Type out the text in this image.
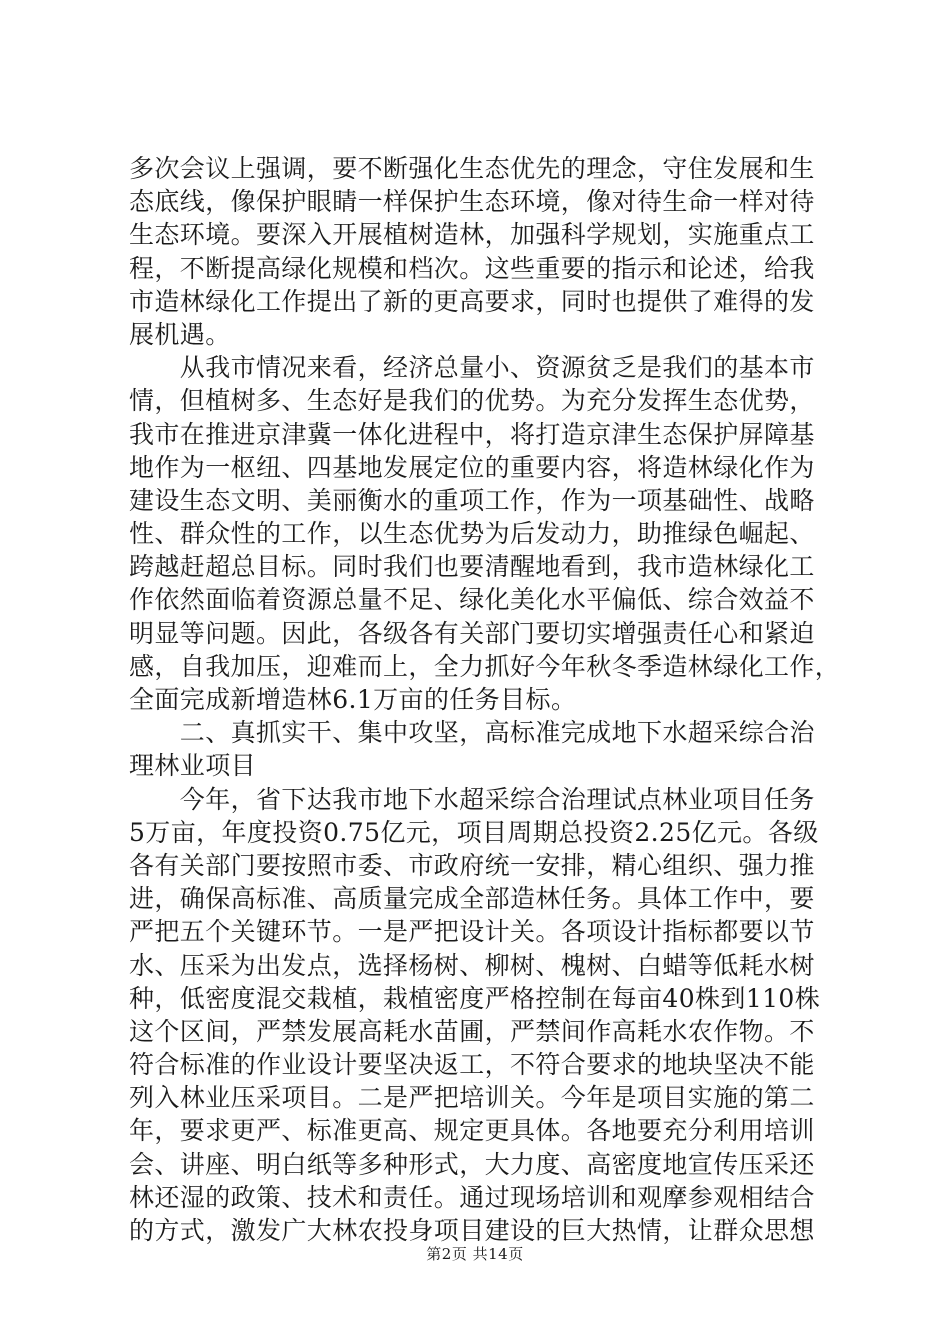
多次会议上强调，要不断强化生态优先的理念，守住发展和生
态底线，像保护眼睛一样保护生态环境，像对待生命一样对待
生态环境。要深入开展植树造林，加强科学规划，实施重点工
程，不断提高绿化规模和档次。这些重要的指示和论述，给我
市造林绿化工作提出了新的更高要求，同时也提供了难得的发
展机遇。
　　从我市情况来看，经济总量小、资源贫乏是我们的基本市
情，但植树多、生态好是我们的优势。为充分发挥生态优势，
我市在推进京津冀一体化进程中，将打造京津生态保护屏障基
地作为一枢纽、四基地发展定位的重要内容，将造林绿化作为
建设生态文明、美丽衡水的重项工作，作为一项基础性、战略
性、群众性的工作，以生态优势为后发动力，助推绿色崛起、
跨越赶超总目标。同时我们也要清醒地看到，我市造林绿化工
作依然面临着资源总量不足、绿化美化水平偏低、综合效益不
明显等问题。因此，各级各有关部门要切实增强责任心和紧迫
感，自我加压，迎难而上，全力抓好今年秋冬季造林绿化工作，
全面完成新增造林6.1万亩的任务目标。
　　二、真抓实干、集中攻坚，高标准完成地下水超采综合治
理林业项目
　　今年，省下达我市地下水超采综合治理试点林业项目任务
5万亩，年度投资0.75亿元，项目周期总投资2.25亿元。各级
各有关部门要按照市委、市政府统一安排，精心组织、强力推
进，确保高标准、高质量完成全部造林任务。具体工作中，要
严把五个关键环节。一是严把设计关。各项设计指标都要以节
水、压采为出发点，选择杨树、柳树、槐树、白蜡等低耗水树
种，低密度混交栽植，栽植密度严格控制在每亩40株到110株
这个区间，严禁发展高耗水苗圃，严禁间作高耗水农作物。不
符合标准的作业设计要坚决返工，不符合要求的地块坚决不能
列入林业压采项目。二是严把培训关。今年是项目实施的第二
年，要求更严、标准更高、规定更具体。各地要充分利用培训
会、讲座、明白纸等多种形式，大力度、高密度地宣传压采还
林还湿的政策、技术和责任。通过现场培训和观摩参观相结合
的方式，激发广大林农投身项目建设的巨大热情，让群众思想
第2页 共14页
